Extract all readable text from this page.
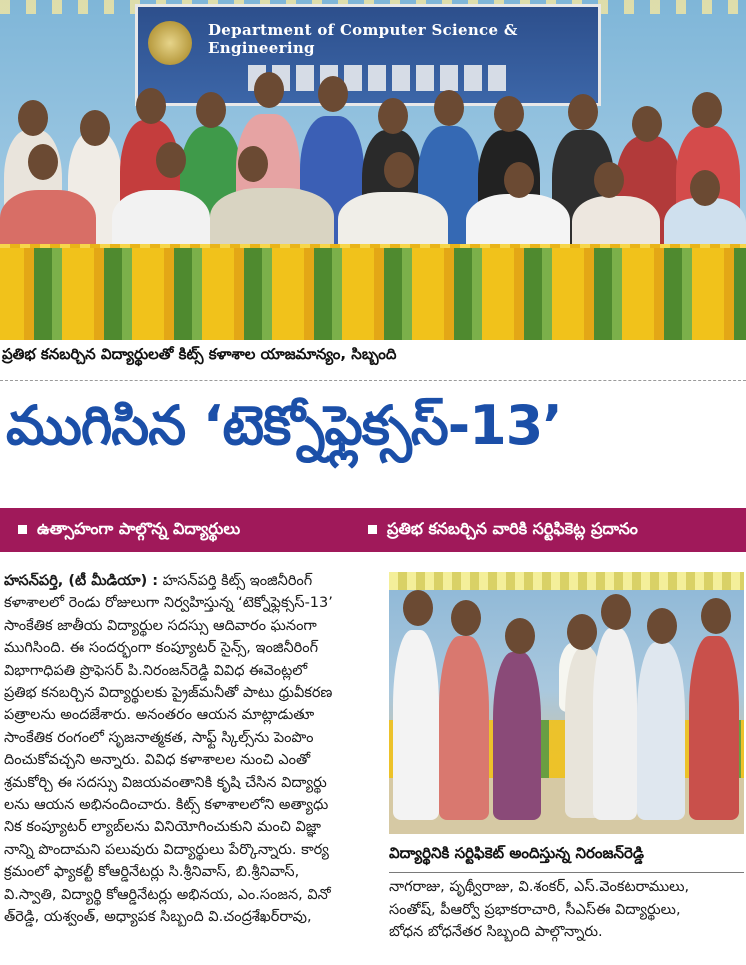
Department of Computer Science & Engineering
ప్రతిభ కనబర్చిన విద్యార్థులతో కిట్స్ కళాశాల యాజమాన్యం, సిబ్బంది
ముగిసిన ‘టెక్నోఫ్లెక్సస్-13’
ఉత్సాహంగా పాల్గొన్న విద్యార్థులు	ప్రతిభ కనబర్చిన వారికి సర్టిఫికెట్ల ప్రదానం
హసన్‌పర్తి, (టీ మీడియా) : హసన్‌పర్తి కిట్స్ ఇంజినీరింగ్
కళాశాలలో రెండు రోజులుగా నిర్వహిస్తున్న ‘టెక్నోఫ్లెక్సస్-13’
సాంకేతిక జాతీయ విద్యార్థుల సదస్సు ఆదివారం ఘనంగా
ముగిసింది. ఈ సందర్భంగా కంప్యూటర్ సైన్స్, ఇంజినీరింగ్
విభాగాధిపతి ప్రొఫెసర్ పి.నిరంజన్‌రెడ్డి వివిధ ఈవెంట్లలో
ప్రతిభ కనబర్చిన విద్యార్థులకు ప్రైజ్‌మనీతో పాటు ధ్రువీకరణ
పత్రాలను అందజేశారు. అనంతరం ఆయన మాట్లాడుతూ
సాంకేతిక రంగంలో సృజనాత్మకత, సాఫ్ట్ స్కిల్స్‌ను పెంపొం
దించుకోవచ్చని అన్నారు. వివిధ కళాశాలల నుంచి ఎంతో
శ్రమకోర్చి ఈ సదస్సు విజయవంతానికి కృషి చేసిన విద్యార్థు
లను ఆయన అభినందించారు. కిట్స్ కళాశాలలోని అత్యాధు
నిక కంప్యూటర్ ల్యాబ్‌లను వినియోగించుకుని మంచి విజ్ఞా
నాన్ని పొందామని పలువురు విద్యార్థులు పేర్కొన్నారు. కార్య
క్రమంలో ఫ్యాకల్టీ కోఆర్డినేటర్లు సి.శ్రీనివాస్, బి.శ్రీనివాస్,
వి.స్వాతి, విద్యార్థి కోఆర్డినేటర్లు అభినయ, ఎం.సంజన, వినో
త్‌రెడ్డి, యశ్వంత్, అధ్యాపక సిబ్బంది వి.చంద్రశేఖర్‌రావు,
విద్యార్థినికి సర్టిఫికెట్ అందిస్తున్న నిరంజన్‌రెడ్డి
నాగరాజు, పృథ్వీరాజు, వి.శంకర్, ఎస్.వెంకటరాములు,
సంతోష్, పీఆర్వో ప్రభాకరాచారి, సీఎస్‌ఈ విద్యార్థులు,
బోధన బోధనేతర సిబ్బంది పాల్గొన్నారు.
